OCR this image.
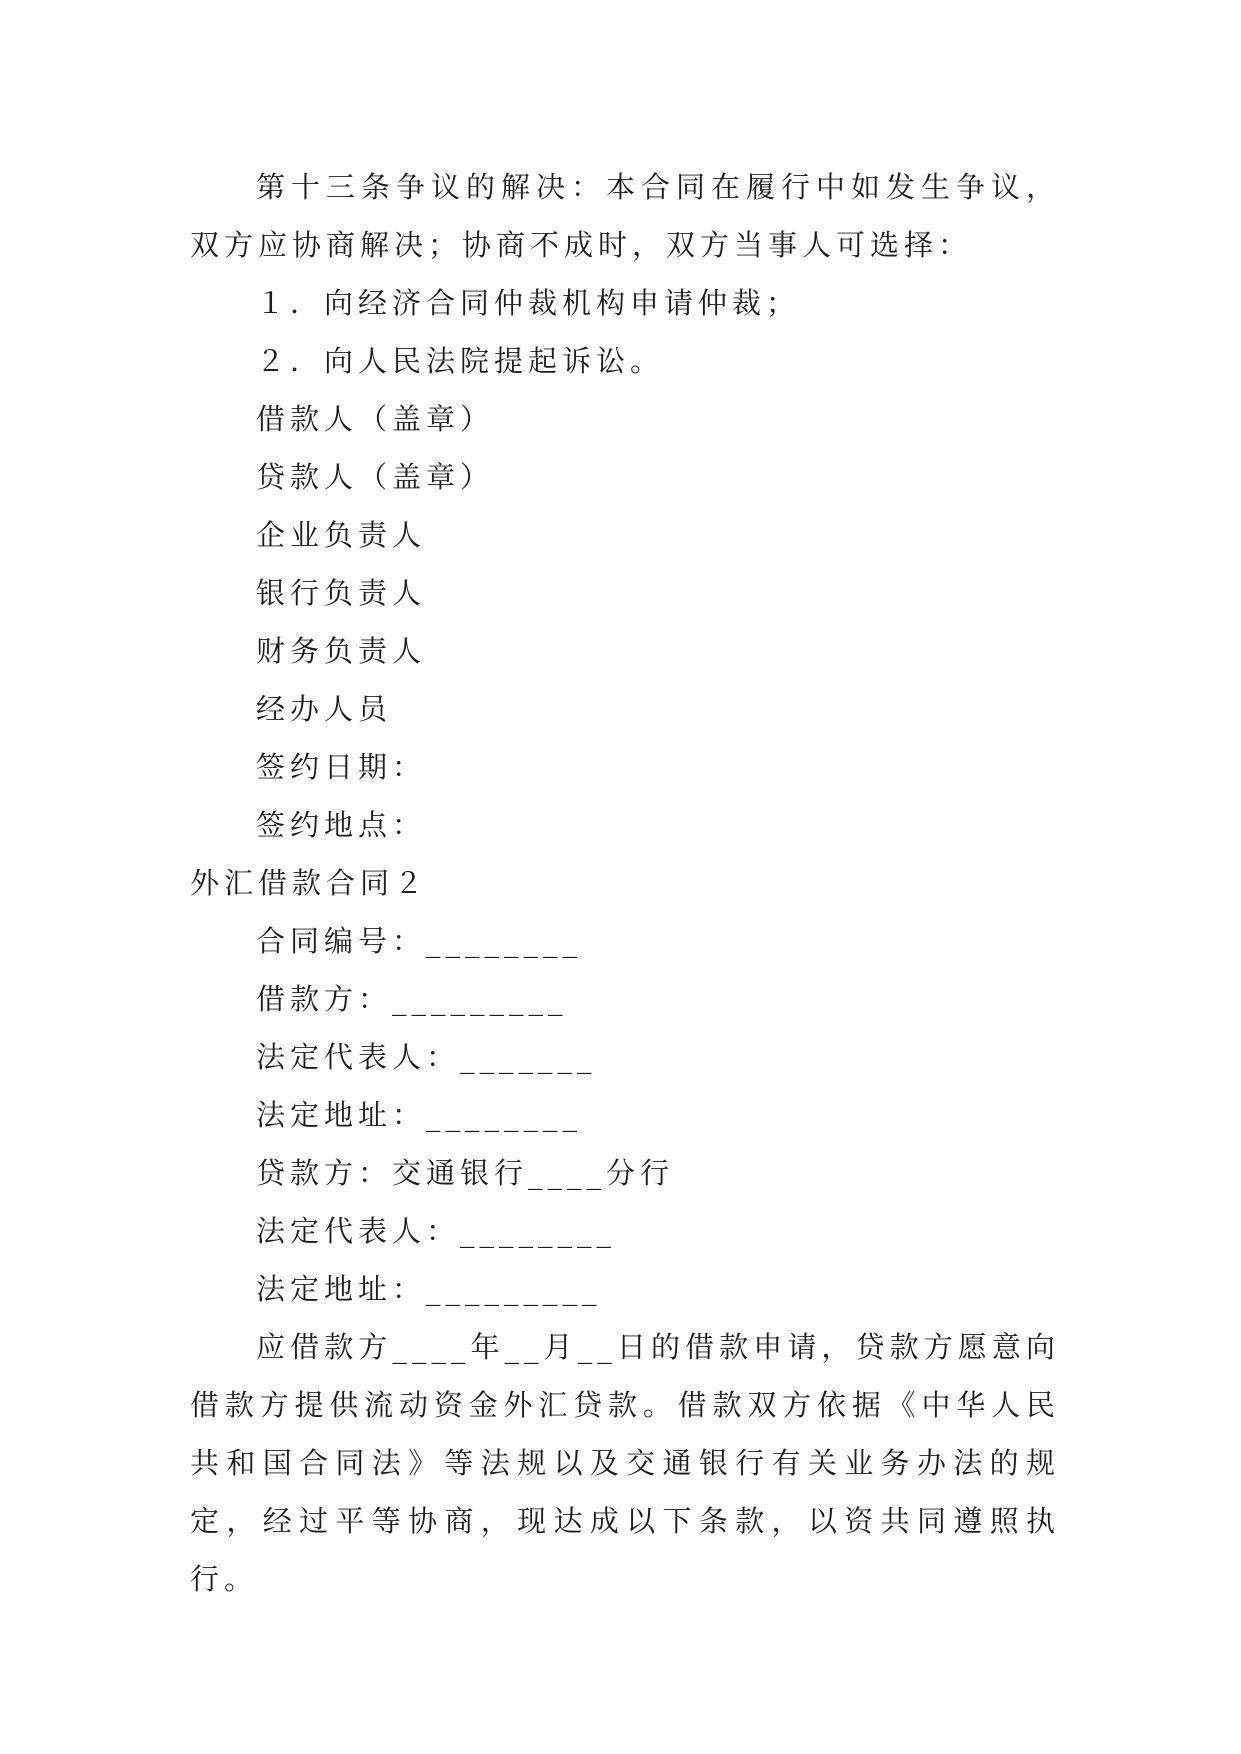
第十三条争议的解决：本合同在履行中如发生争议，双方应协商解决；协商不成时，双方当事人可选择：

１．向经济合同仲裁机构申请仲裁；

２．向人民法院提起诉讼。

借款人（盖章）

贷款人（盖章）

企业负责人

银行负责人

财务负责人

经办人员

签约日期：

签约地点：

外汇借款合同２

合同编号：________

借款方：_________

法定代表人：_______

法定地址：________

贷款方：交通银行____分行

法定代表人：________

法定地址：_________

应借款方____年__月__日的借款申请，贷款方愿意向借款方提供流动资金外汇贷款。借款双方依据《中华人民共和国合同法》等法规以及交通银行有关业务办法的规定，经过平等协商，现达成以下条款，以资共同遵照执行。
